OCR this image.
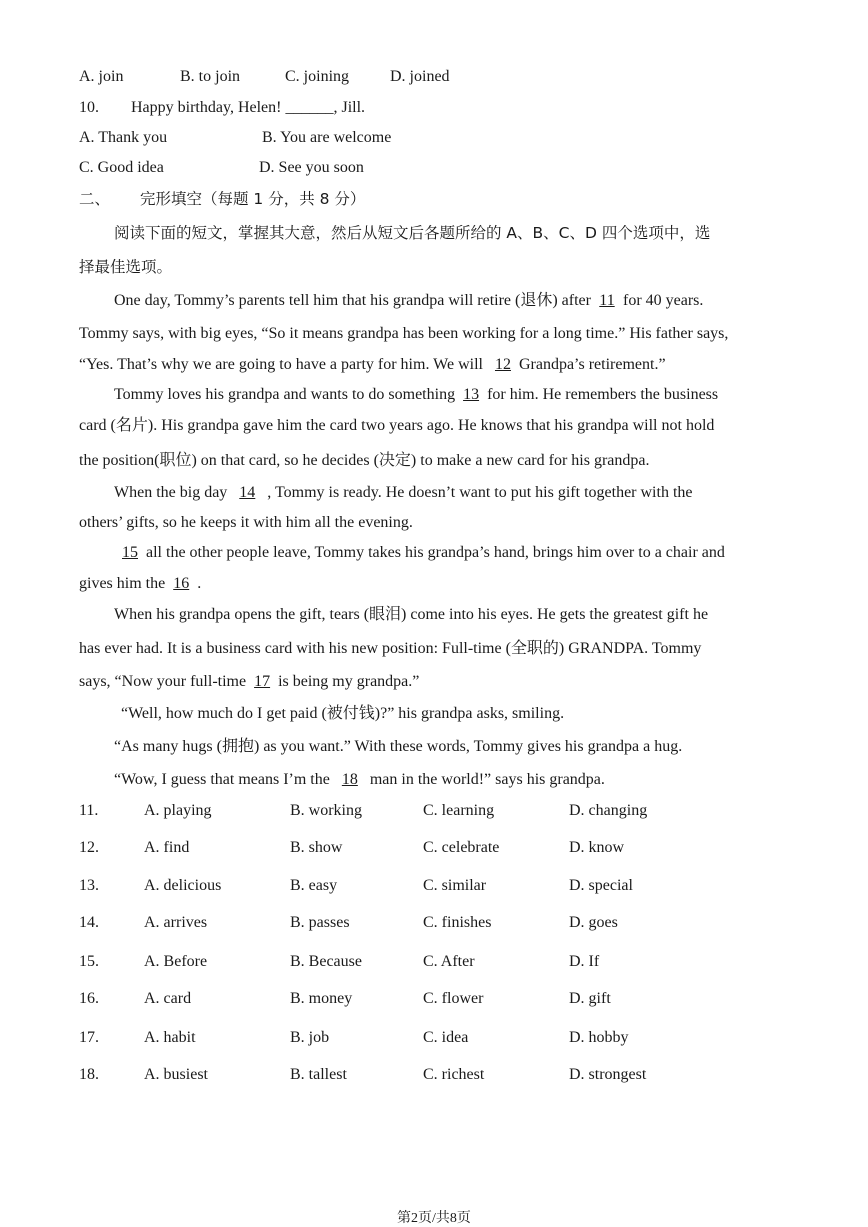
A. join	B. to join	C. joining	D. joined
10. Happy birthday, Helen! ______, Jill.
A. Thank you	B. You are welcome
C. Good idea	D. See you soon
二、 完形填空（每题 1 分，共 8 分）
阅读下面的短文，掌握其大意，然后从短文后各题所给的 A、B、C、D 四个选项中，选
择最佳选项。
One day, Tommy’s parents tell him that his grandpa will retire (退休) after 11 for 40 years.
Tommy says, with big eyes, “So it means grandpa has been working for a long time.” His father says,
“Yes. That’s why we are going to have a party for him. We will 12 Grandpa’s retirement.”
Tommy loves his grandpa and wants to do something 13 for him. He remembers the business
card (名片). His grandpa gave him the card two years ago. He knows that his grandpa will not hold
the position(职位) on that card, so he decides (决定) to make a new card for his grandpa.
When the big day 14 , Tommy is ready. He doesn’t want to put his gift together with the
others’ gifts, so he keeps it with him all the evening.
15 all the other people leave, Tommy takes his grandpa’s hand, brings him over to a chair and
gives him the 16 .
When his grandpa opens the gift, tears (眼泪) come into his eyes. He gets the greatest gift he
has ever had. It is a business card with his new position: Full-time (全职的) GRANDPA. Tommy
says, “Now your full-time 17 is being my grandpa.”
“Well, how much do I get paid (被付钱)?” his grandpa asks, smiling.
“As many hugs (拥抱) as you want.” With these words, Tommy gives his grandpa a hug.
“Wow, I guess that means I’m the 18 man in the world!” says his grandpa.
11.	A. playing	B. working	C. learning	D. changing
12.	A. find	B. show	C. celebrate	D. know
13.	A. delicious	B. easy	C. similar	D. special
14.	A. arrives	B. passes	C. finishes	D. goes
15.	A. Before	B. Because	C. After	D. If
16.	A. card	B. money	C. flower	D. gift
17.	A. habit	B. job	C. idea	D. hobby
18.	A. busiest	B. tallest	C. richest	D. strongest
第2页/共8页
